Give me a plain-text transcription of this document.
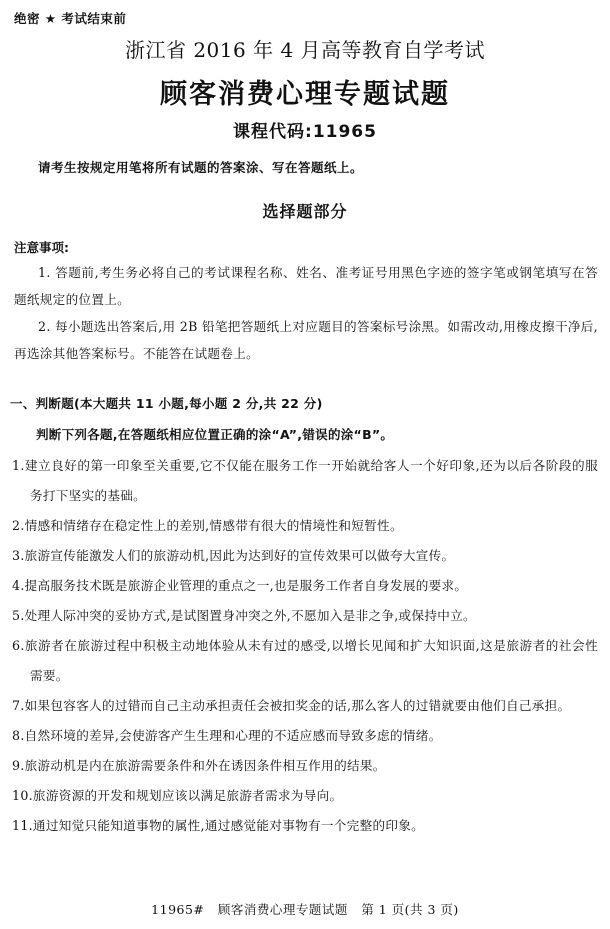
绝密 ★ 考试结束前
浙江省 2016 年 4 月高等教育自学考试
顾客消费心理专题试题
课程代码:11965
请考生按规定用笔将所有试题的答案涂、写在答题纸上。
选择题部分
注意事项:
1. 答题前,考生务必将自己的考试课程名称、姓名、准考证号用黑色字迹的签字笔或钢笔填写在答题纸规定的位置上。
2. 每小题选出答案后,用 2B 铅笔把答题纸上对应题目的答案标号涂黑。如需改动,用橡皮擦干净后,再选涂其他答案标号。不能答在试题卷上。
一、判断题(本大题共 11 小题,每小题 2 分,共 22 分)
判断下列各题,在答题纸相应位置正确的涂“A”,错误的涂“B”。
1.建立良好的第一印象至关重要,它不仅能在服务工作一开始就给客人一个好印象,还为以后各阶段的服务打下坚实的基础。
2.情感和情绪存在稳定性上的差别,情感带有很大的情境性和短暂性。
3.旅游宣传能激发人们的旅游动机,因此为达到好的宣传效果可以做夸大宣传。
4.提高服务技术既是旅游企业管理的重点之一,也是服务工作者自身发展的要求。
5.处理人际冲突的妥协方式,是试图置身冲突之外,不愿加入是非之争,或保持中立。
6.旅游者在旅游过程中积极主动地体验从未有过的感受,以增长见闻和扩大知识面,这是旅游者的社会性需要。
7.如果包容客人的过错而自己主动承担责任会被扣奖金的话,那么客人的过错就要由他们自己承担。
8.自然环境的差异,会使游客产生生理和心理的不适应感而导致多虑的情绪。
9.旅游动机是内在旅游需要条件和外在诱因条件相互作用的结果。
10.旅游资源的开发和规划应该以满足旅游者需求为导向。
11.通过知觉只能知道事物的属性,通过感觉能对事物有一个完整的印象。
11965#   顾客消费心理专题试题   第 1 页(共 3 页)
